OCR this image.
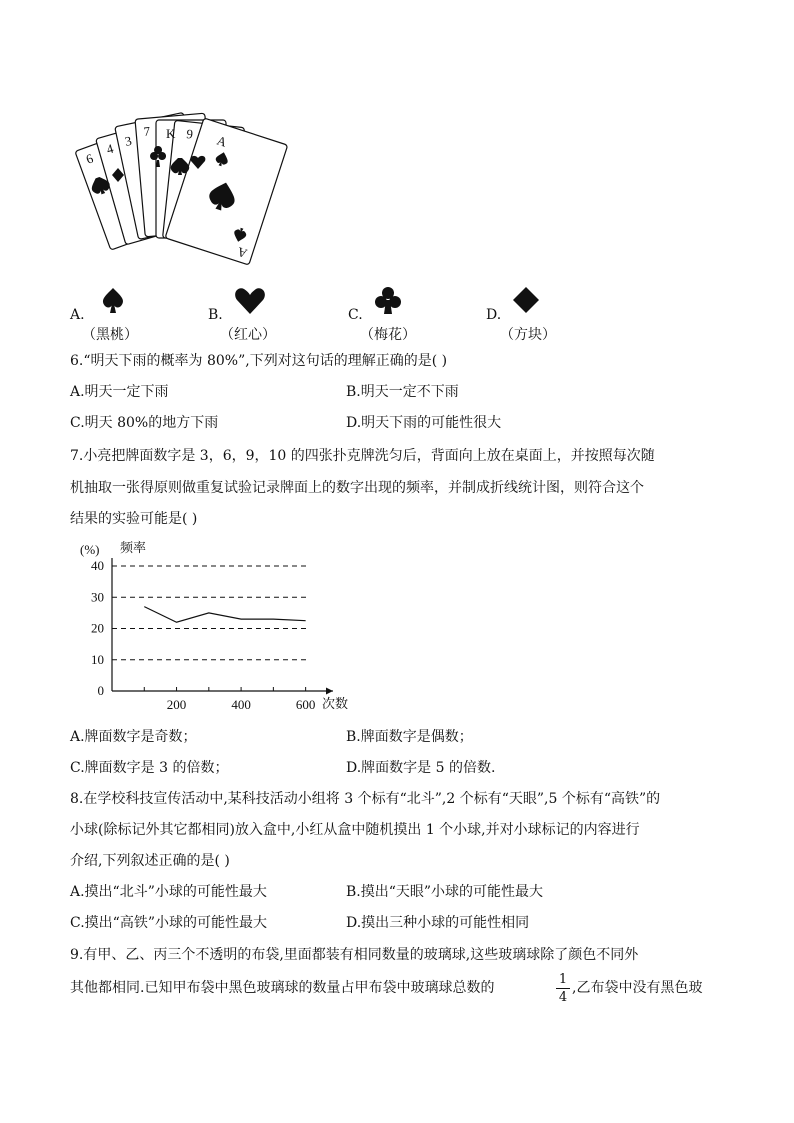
6
4 3
7 K 9 A
A
A.
（黑桃）
B.
（红心）
C.
（梅花）
D.
（方块）
6.“明天下雨的概率为 80%”,下列对这句话的理解正确的是( )
A.明天一定下雨	B.明天一定不下雨
C.明天 80%的地方下雨	D.明天下雨的可能性很大
7.小亮把牌面数字是 3，6，9，10 的四张扑克牌洗匀后，背面向上放在桌面上，并按照每次随
机抽取一张得原则做重复试验记录牌面上的数字出现的频率，并制成折线统计图，则符合这个
结果的实验可能是( )
(%) 频率
次数
0
10
20
30
40
200	400	600
A.牌面数字是奇数；	B.牌面数字是偶数；
C.牌面数字是 3 的倍数；	D.牌面数字是 5 的倍数.
8.在学校科技宣传活动中,某科技活动小组将 3 个标有“北斗”,2 个标有“天眼”,5 个标有“高铁”的
小球(除标记外其它都相同)放入盒中,小红从盒中随机摸出 1 个小球,并对小球标记的内容进行
介绍,下列叙述正确的是( )
A.摸出“北斗”小球的可能性最大	B.摸出“天眼”小球的可能性最大
C.摸出“高铁”小球的可能性最大	D.摸出三种小球的可能性相同
9.有甲、乙、丙三个不透明的布袋,里面都装有相同数量的玻璃球,这些玻璃球除了颜色不同外
其他都相同.已知甲布袋中黑色玻璃球的数量占甲布袋中玻璃球总数的
1
4
,乙布袋中没有黑色玻
